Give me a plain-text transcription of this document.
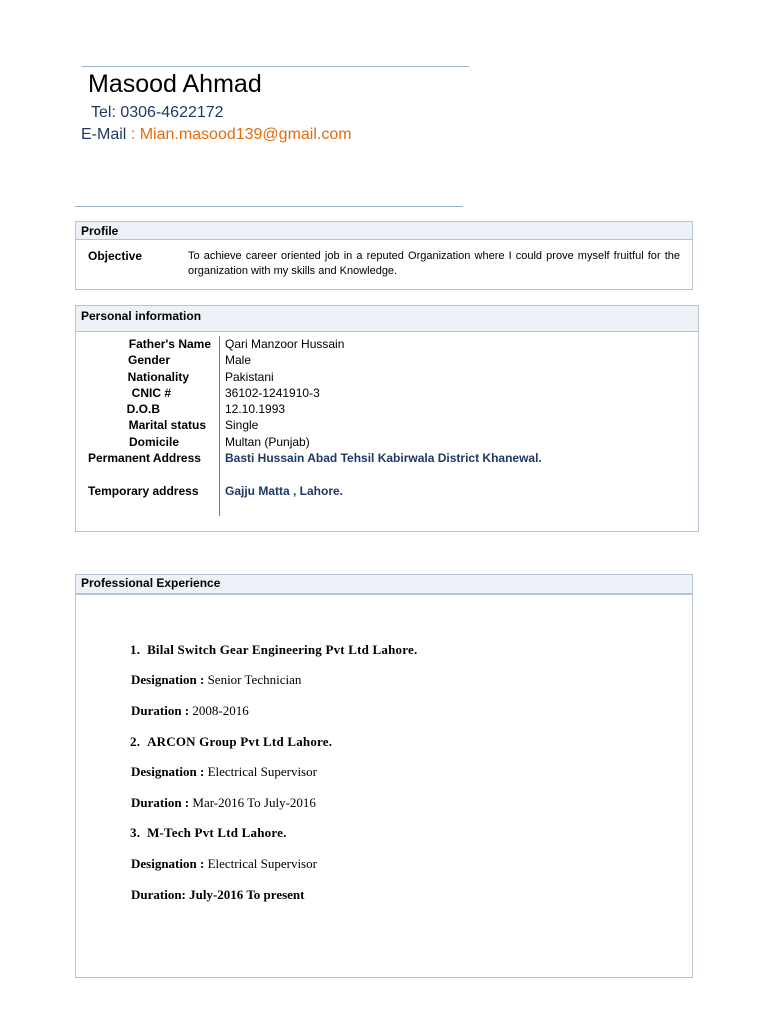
Masood Ahmad
Tel: 0306-4622172
E-Mail : Mian.masood139@gmail.com
Profile
Objective	To achieve career oriented job in a reputed Organization where I could prove myself fruitful for the organization with my skills and Knowledge.
Personal information
Father's Name
Gender
Nationality
CNIC #
D.O.B
Marital status
Domicile
Permanent Address
Temporary address
Qari Manzoor Hussain
Male
Pakistani
36102-1241910-3
12.10.1993
Single
Multan (Punjab)
Basti Hussain Abad Tehsil Kabirwala District Khanewal.
Gajju Matta , Lahore.
Professional Experience
1. Bilal Switch Gear Engineering Pvt Ltd Lahore.
Designation : Senior Technician
Duration : 2008-2016
2. ARCON Group Pvt Ltd Lahore.
Designation : Electrical Supervisor
Duration : Mar-2016 To July-2016
3. M-Tech Pvt Ltd Lahore.
Designation : Electrical Supervisor
Duration: July-2016 To present
